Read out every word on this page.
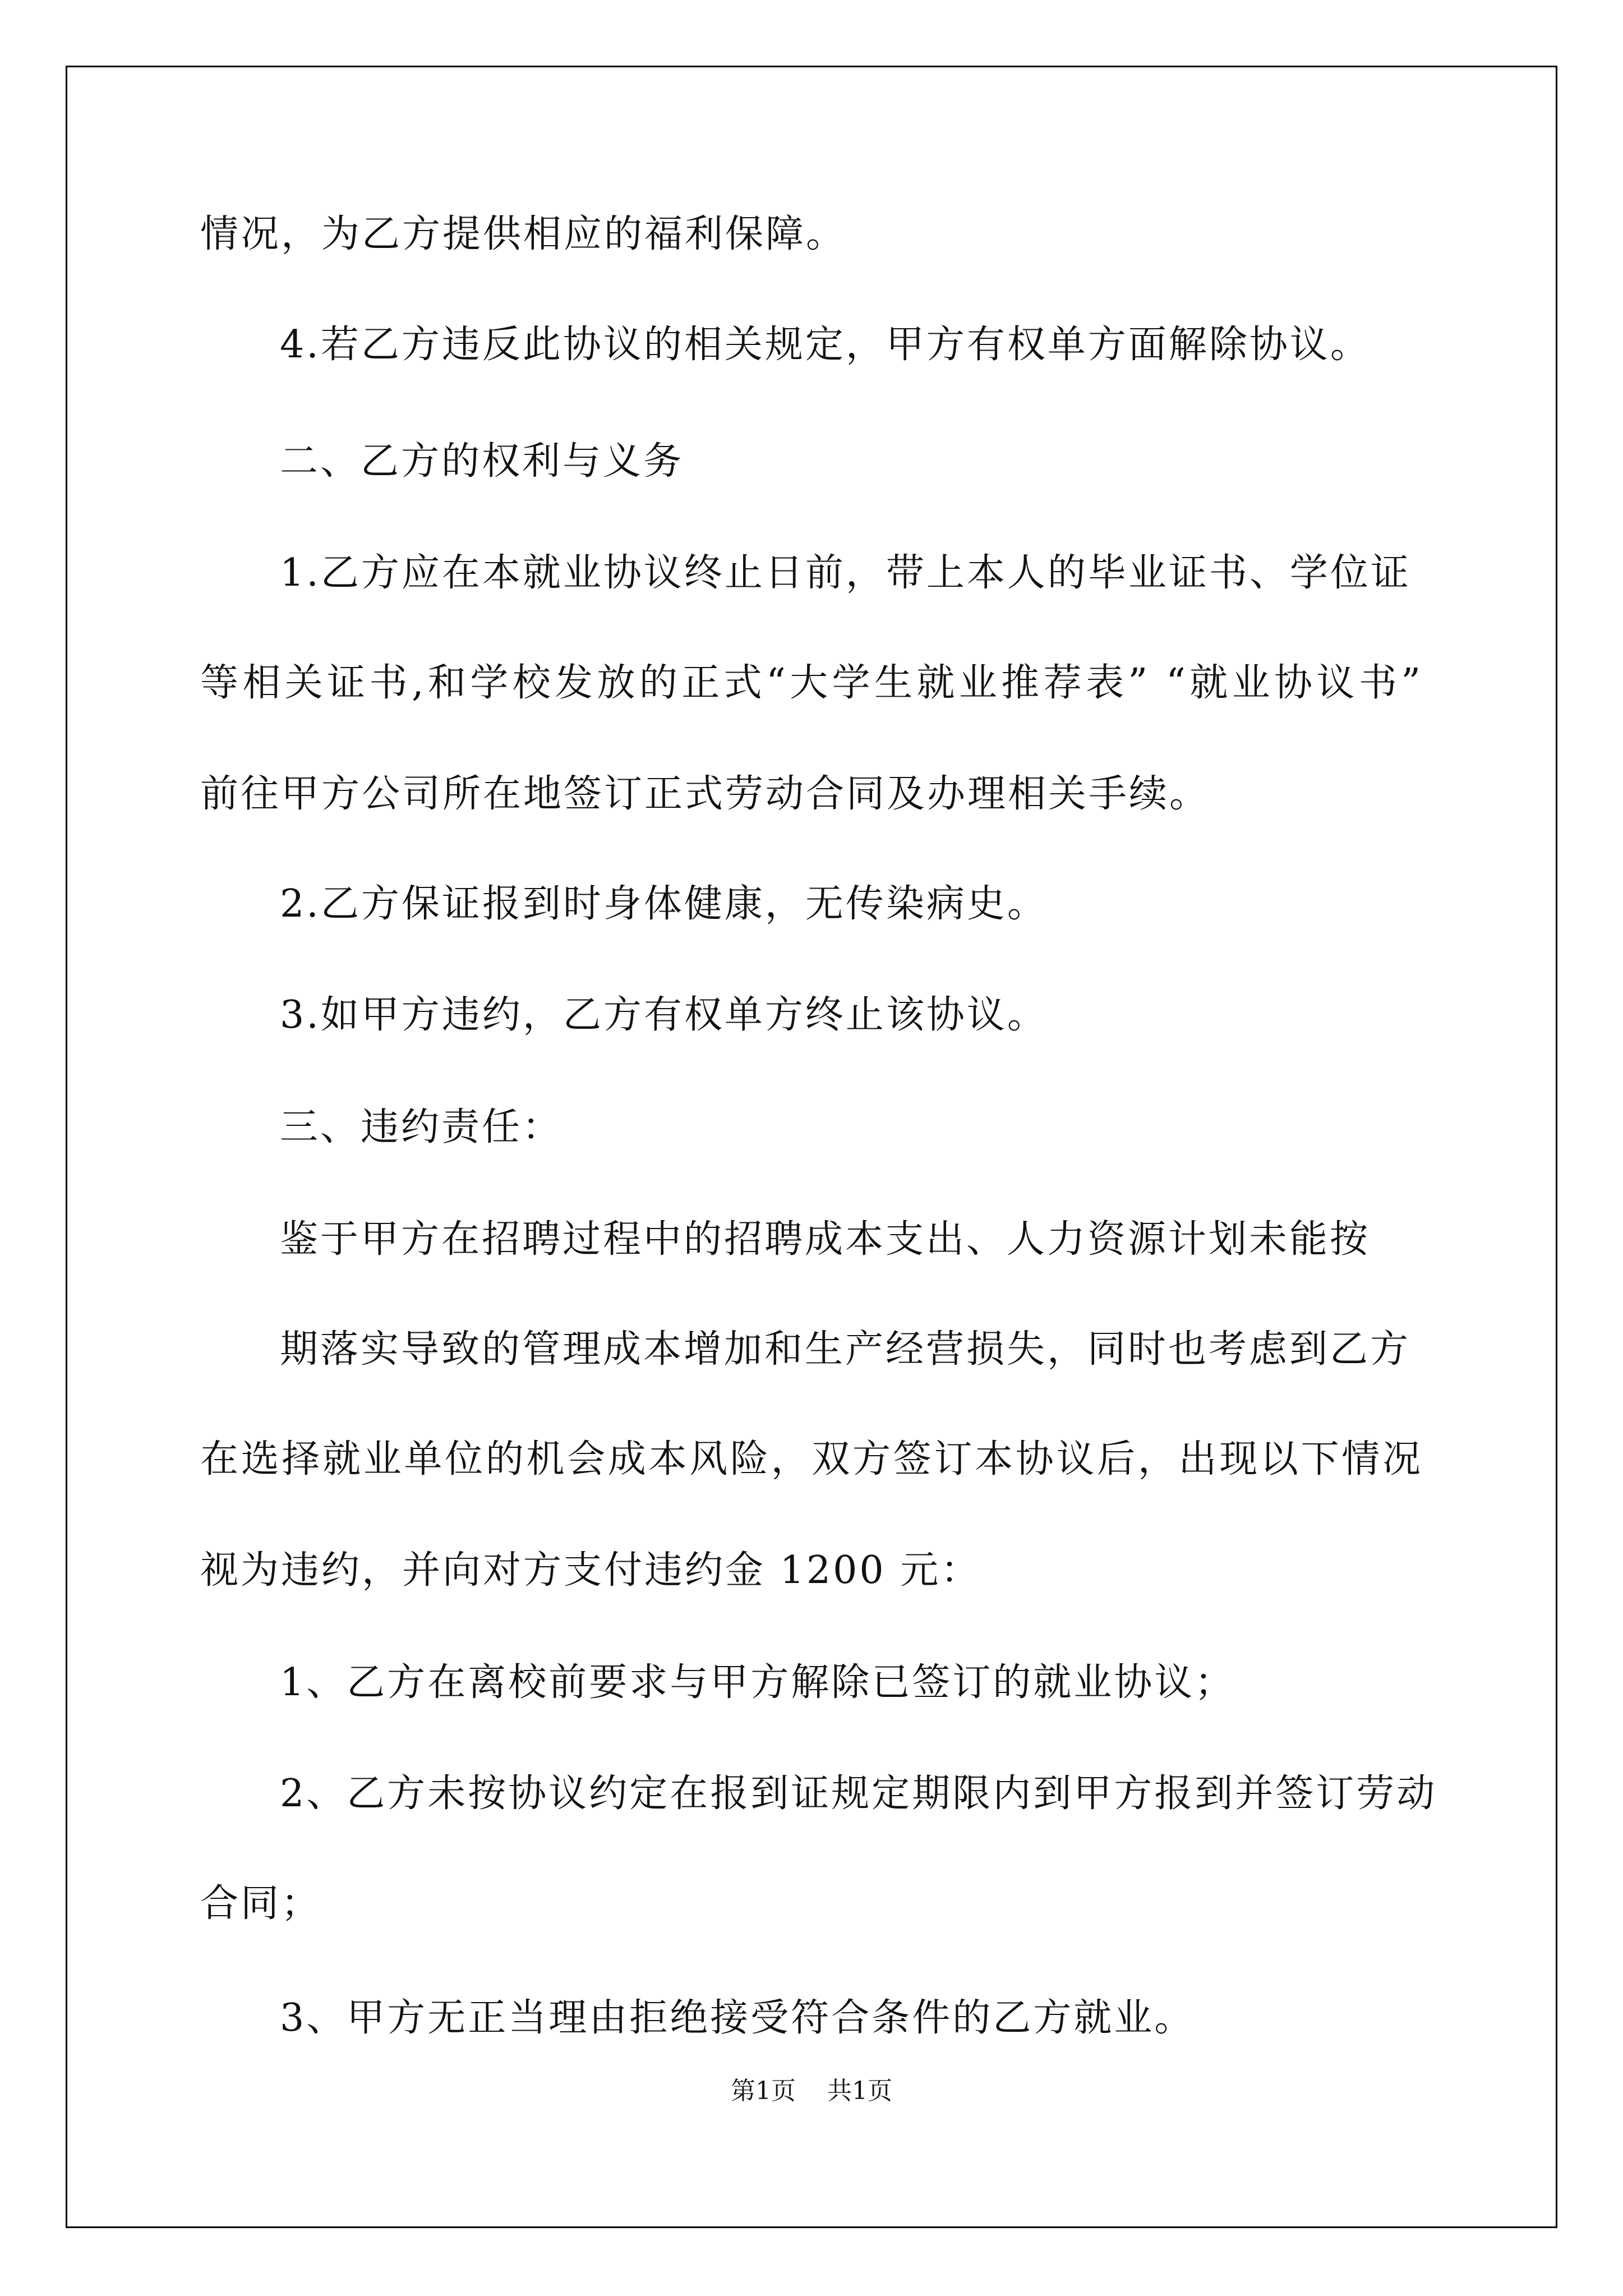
情况，为乙方提供相应的福利保障。
4.若乙方违反此协议的相关规定，甲方有权单方面解除协议。
二、乙方的权利与义务
1.乙方应在本就业协议终止日前，带上本人的毕业证书、学位证
等相关证书,和学校发放的正式“大学生就业推荐表” “就业协议书”
前往甲方公司所在地签订正式劳动合同及办理相关手续。
2.乙方保证报到时身体健康，无传染病史。
3.如甲方违约，乙方有权单方终止该协议。
三、违约责任：
鉴于甲方在招聘过程中的招聘成本支出、人力资源计划未能按
期落实导致的管理成本增加和生产经营损失，同时也考虑到乙方
在选择就业单位的机会成本风险，双方签订本协议后，出现以下情况
视为违约，并向对方支付违约金 1200 元：
1、乙方在离校前要求与甲方解除已签订的就业协议；
2、乙方未按协议约定在报到证规定期限内到甲方报到并签订劳动
合同；
3、甲方无正当理由拒绝接受符合条件的乙方就业。
第1页 共1页
